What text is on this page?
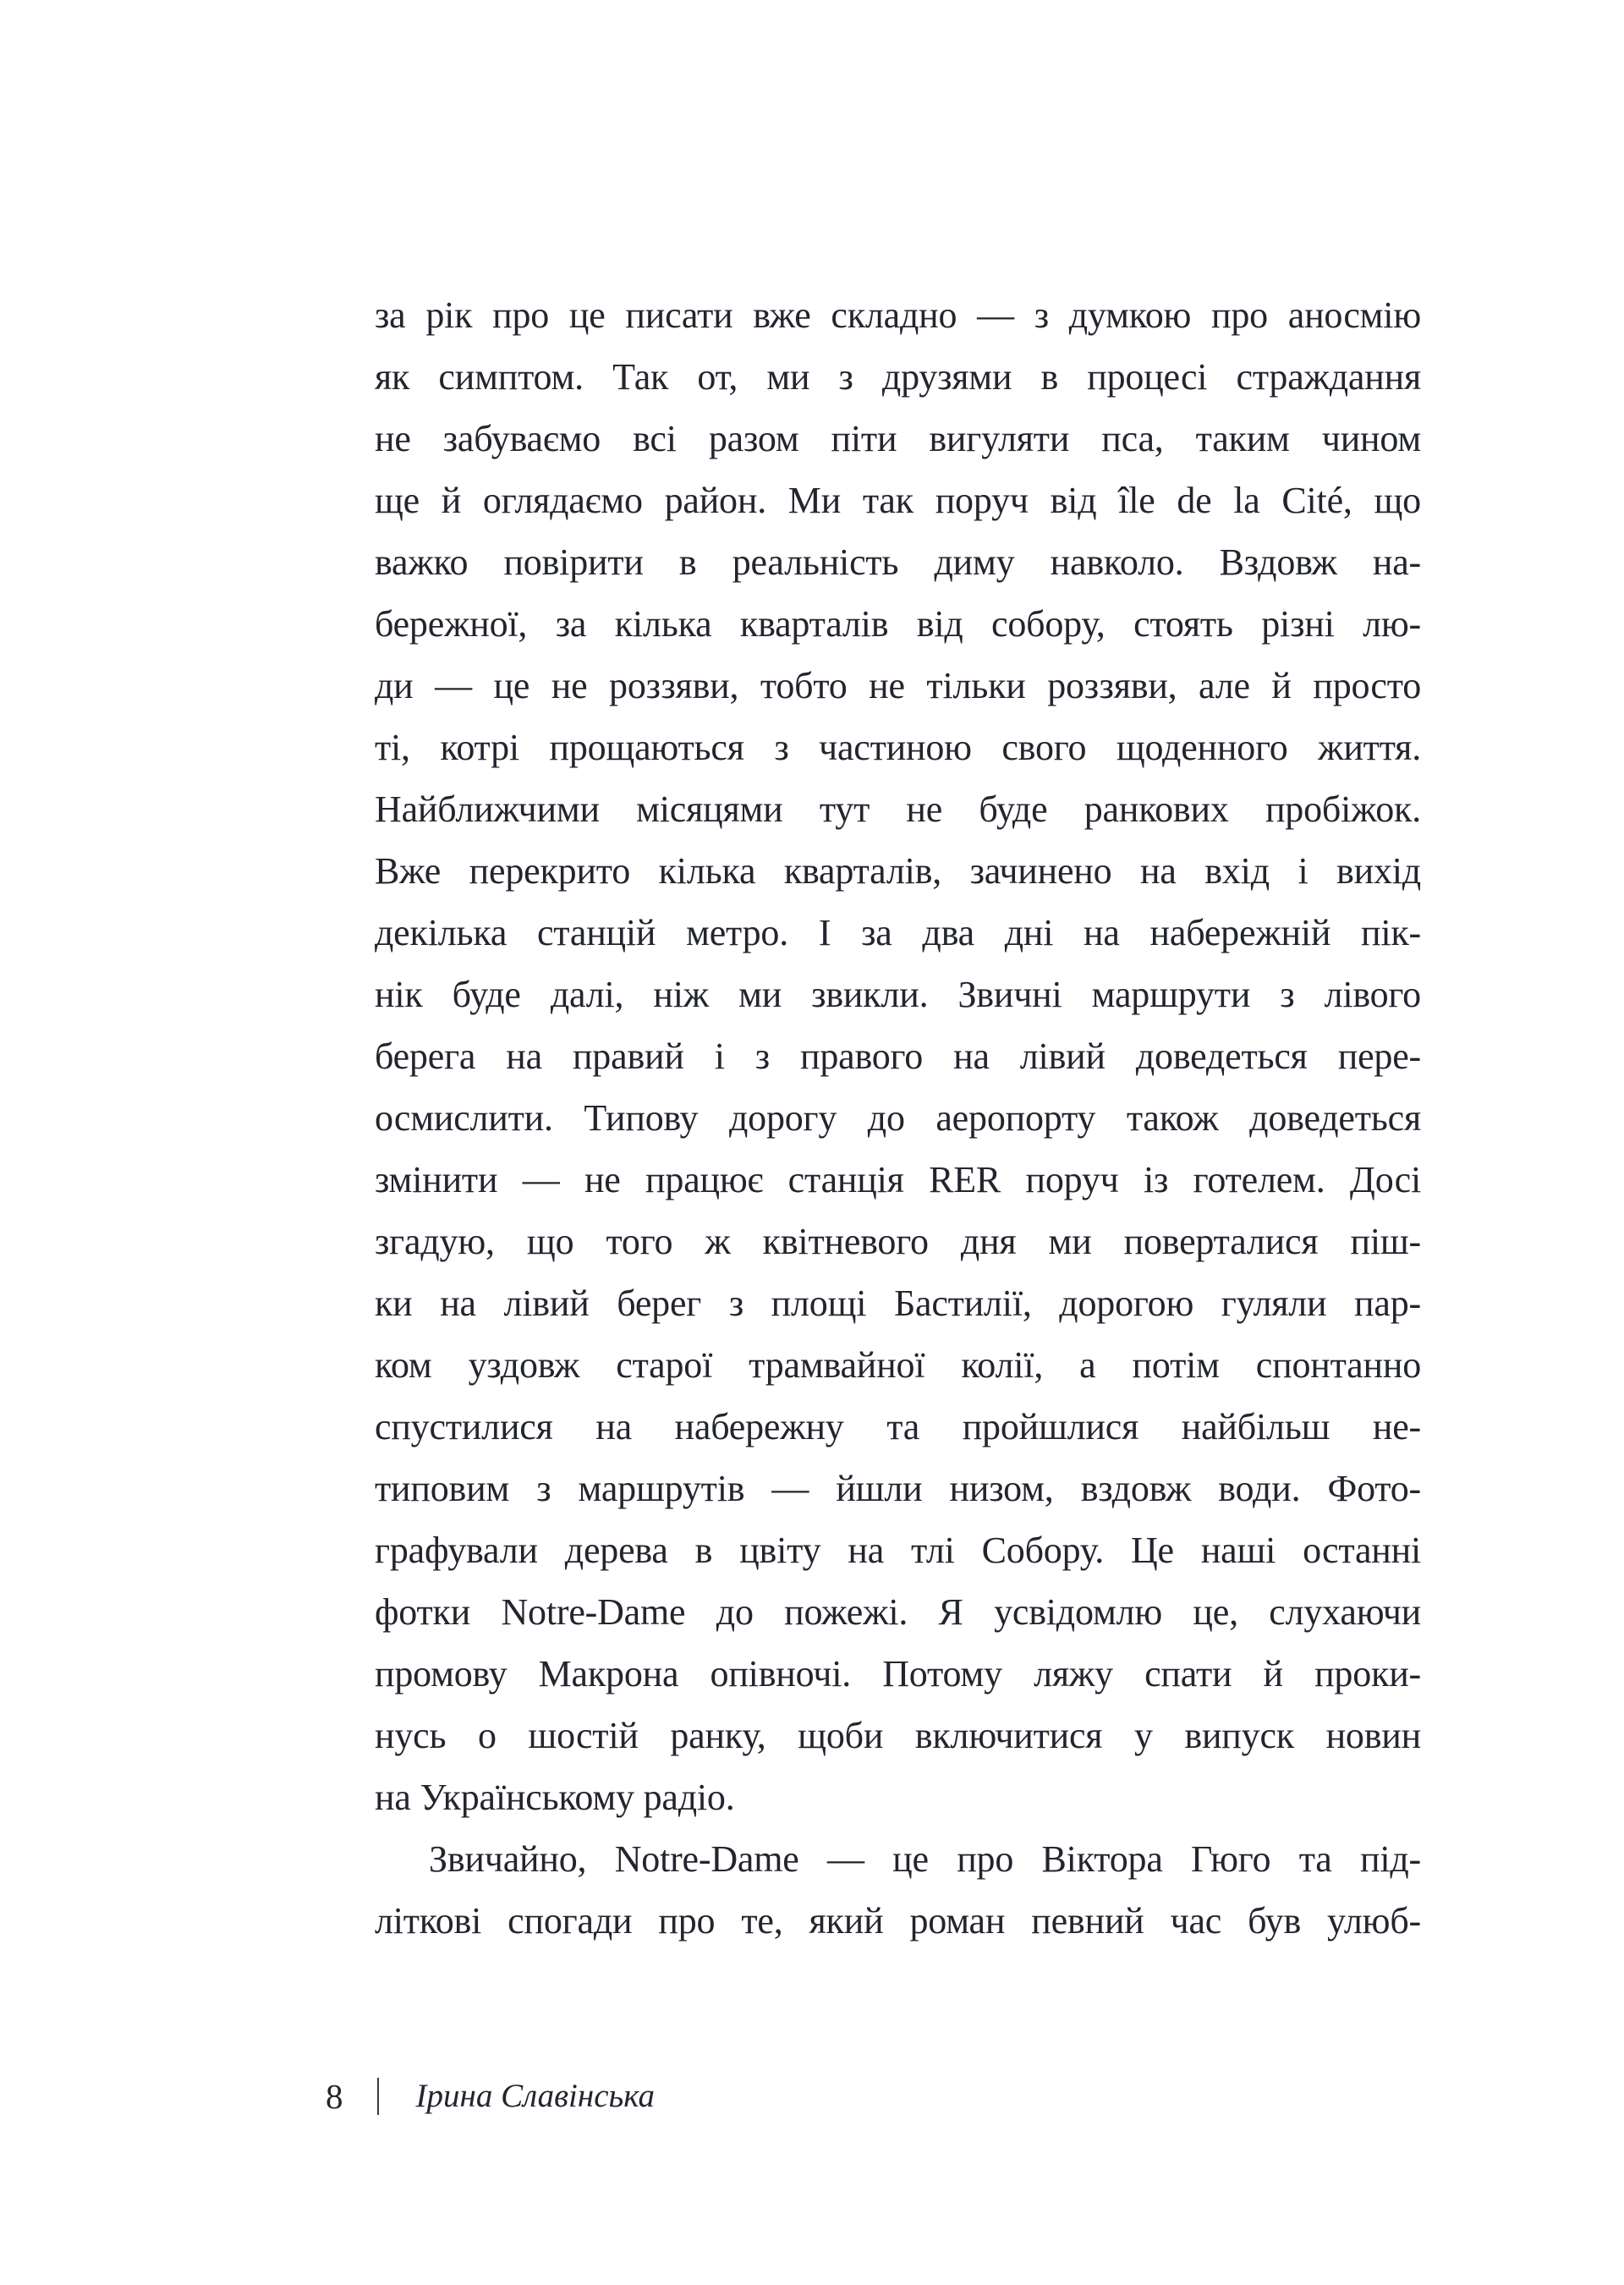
за рік про це писати вже складно — з думкою про аносмію
як симптом. Так от, ми з друзями в процесі страждання
не забуваємо всі разом піти вигуляти пса, таким чином
ще й оглядаємо район. Ми так поруч від île de la Cité, що
важко повірити в реальність диму навколо. Вздовж на-
бережної, за кілька кварталів від собору, стоять різні лю-
ди — це не роззяви, тобто не тільки роззяви, але й просто
ті, котрі прощаються з частиною свого щоденного життя.
Найближчими місяцями тут не буде ранкових пробіжок.
Вже перекрито кілька кварталів, зачинено на вхід і вихід
декілька станцій метро. І за два дні на набережній пік-
нік буде далі, ніж ми звикли. Звичні маршрути з лівого
берега на правий і з правого на лівий доведеться пере-
осмислити. Типову дорогу до аеропорту також доведеться
змінити — не працює станція RER поруч із готелем. Досі
згадую, що того ж квітневого дня ми поверталися піш-
ки на лівий берег з площі Бастилії, дорогою гуляли пар-
ком уздовж старої трамвайної колії, а потім спонтанно
спустилися на набережну та пройшлися найбільш не-
типовим з маршрутів — йшли низом, вздовж води. Фото-
графували дерева в цвіту на тлі Собору. Це наші останні
фотки Notre-Dame до пожежі. Я усвідомлю це, слухаючи
промову Макрона опівночі. Потому ляжу спати й проки-
нусь о шостій ранку, щоби включитися у випуск новин
на Українському радіо.
Звичайно, Notre-Dame — це про Віктора Гюго та під-
літкові спогади про те, який роман певний час був улюб-
8 Ірина Славінська
